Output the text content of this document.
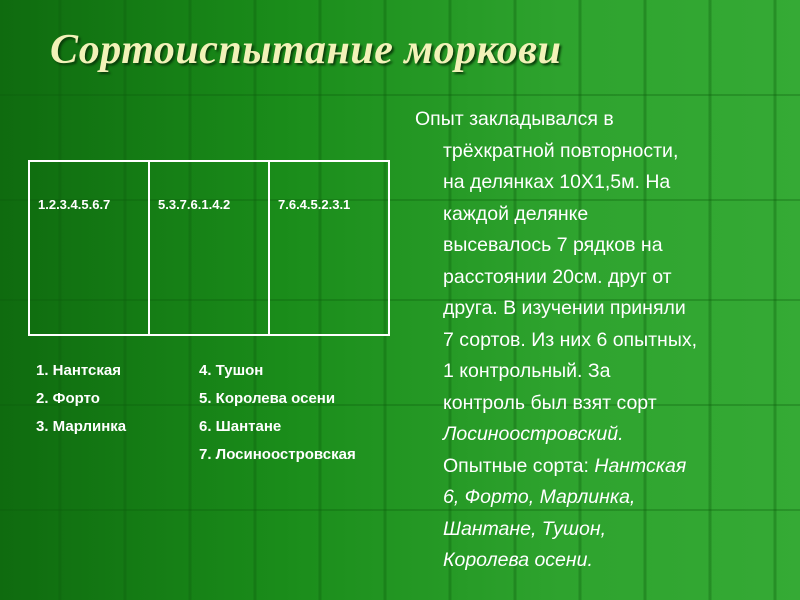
Сортоиспытание моркови
1.2.3.4.5.6.7	5.3.7.6.1.4.2	7.6.4.5.2.3.1
1. Нантская	4. Тушон
2. Форто	5. Королева осени
3. Марлинка	6. Шантане
7. Лосиноостровская
Опыт закладывался в
трёхкратной повторности,
на делянках 10Х1,5м. На
каждой делянке
высевалось 7 рядков на
расстоянии 20см. друг от
друга. В изучении приняли
7 сортов. Из них 6 опытных,
1 контрольный. За
контроль был взят сорт
Лосиноостровский.
Опытные сорта: Нантская
6, Форто, Марлинка,
Шантане, Тушон,
Королева осени.
